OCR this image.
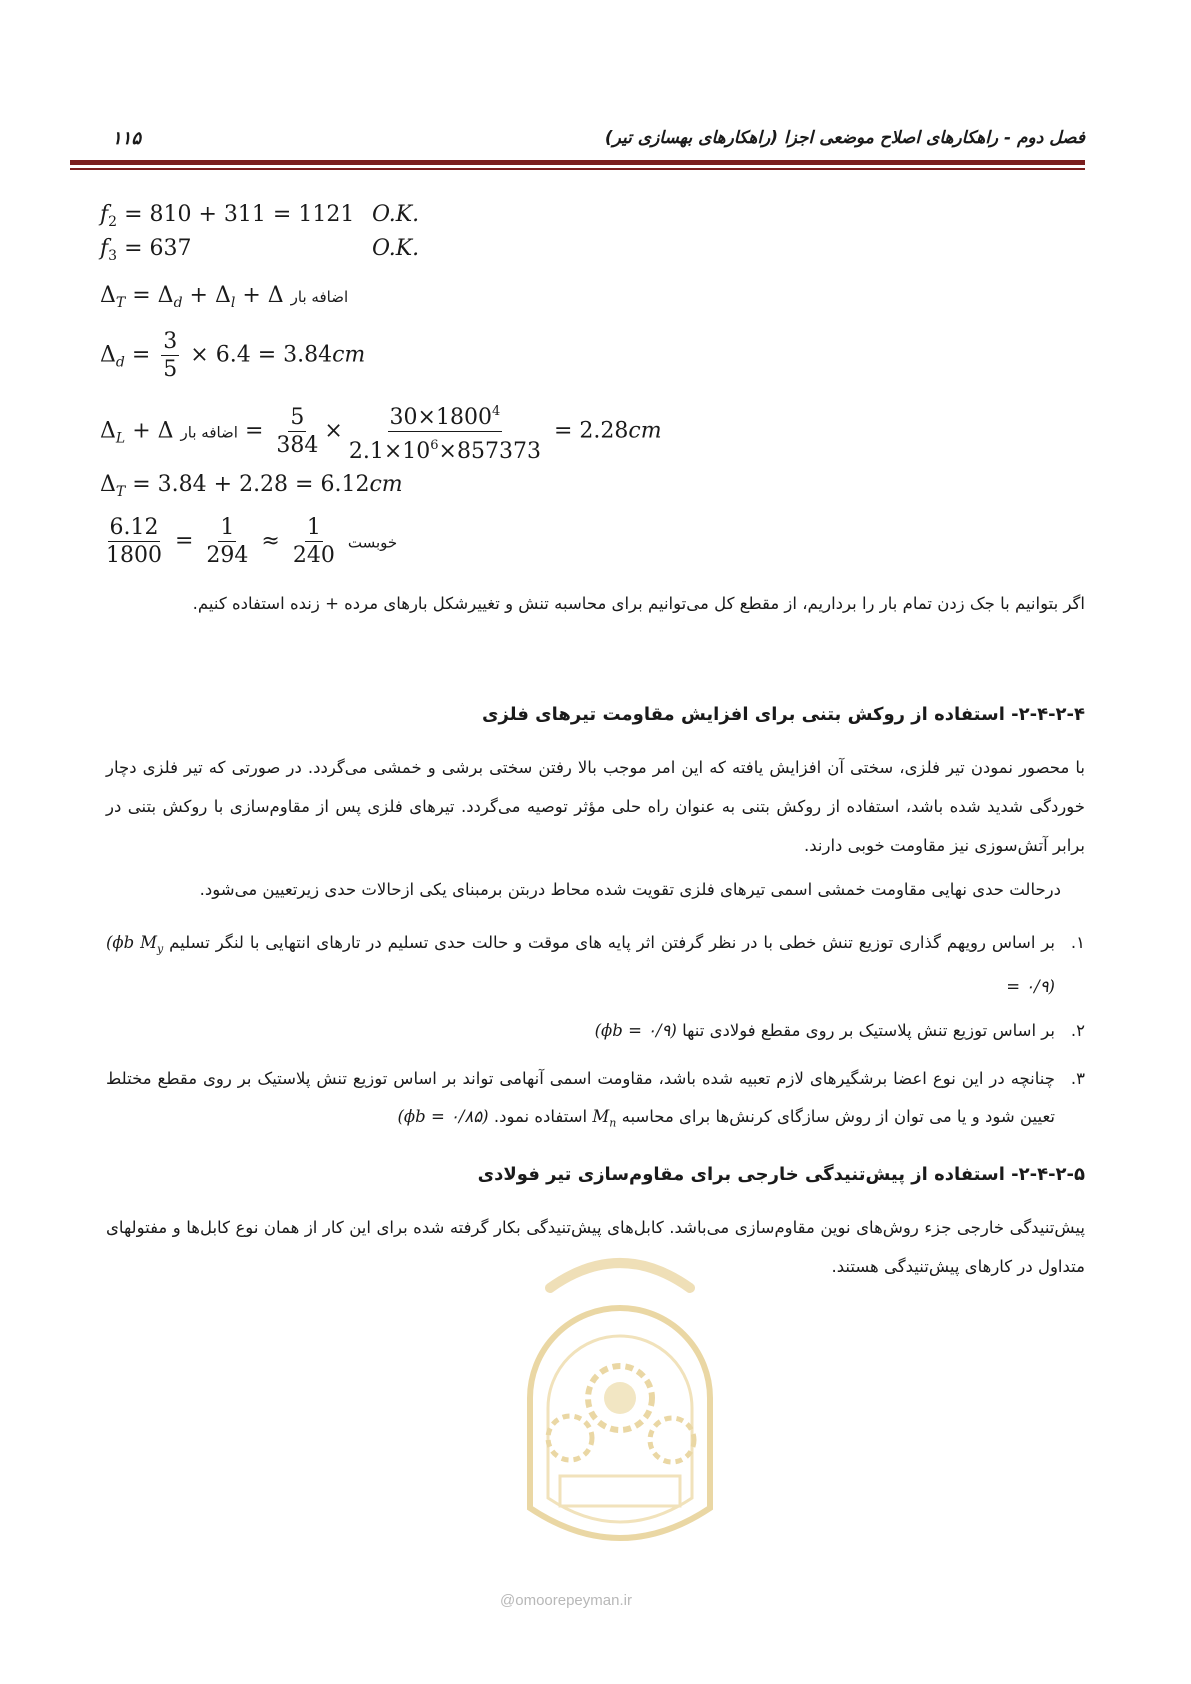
فصل دوم - راهکارهای اصلاح موضعی اجزا (راهکارهای بهسازی تیر)
۱۱۵
$f_2 = 810 + 311 = 1121$ O.K.
$f_3 = 637$	O.K.
$\Delta_T = \Delta_d + \Delta_l + \Delta$ اضافه بار
$\Delta_d = \frac{3}{5} \times 6.4 = 3.84cm$
$\Delta_L + \Delta$ اضافه بار = $\frac{5}{384} \times \frac{30\times 1800^4}{2.1\times 10^6\times 857373} = 2.28cm$
$\Delta_T = 3.84 + 2.28 = 6.12cm$
$\frac{6.12}{1800} = \frac{1}{294} \approx \frac{1}{240}$ خوبست
اگر بتوانیم با جک زدن تمام بار را برداریم، از مقطع کل می‌توانیم برای محاسبه تنش و تغییرشکل بارهای مرده + زنده استفاده کنیم.
۲-۴-۲-۴- استفاده از روکش بتنی برای افزایش مقاومت تیرهای فلزی
با محصور نمودن تیر فلزی، سختی آن افزایش یافته که این امر موجب بالا رفتن سختی برشی و خمشی می‌گردد. در صورتی که تیر فلزی دچار خوردگی شدید شده باشد، استفاده از روکش بتنی به عنوان راه حلی مؤثر توصیه می‌گردد. تیرهای فلزی پس از مقاوم‌سازی با روکش بتنی در برابر آتش‌سوزی نیز مقاومت خوبی دارند.
درحالت حدی نهایی مقاومت خمشی اسمی تیرهای فلزی تقویت شده محاط دربتن برمبنای یکی ازحالات حدی زیرتعیین می‌شود.
۱.
بر اساس رویهم گذاری توزیع تنش خطی با در نظر گرفتن اثر پایه های موقت و حالت حدی تسلیم در تارهای انتهایی با لنگر تسلیم $M_y$ (ϕb = ۰/۹)
۲.
بر اساس توزیع تنش پلاستیک بر روی مقطع فولادی تنها (ϕb = ۰/۹)
۳.
چنانچه در این نوع اعضا برشگیرهای لازم تعبیه شده باشد، مقاومت اسمی آنهامی تواند بر اساس توزیع تنش پلاستیک بر روی مقطع مختلط تعیین شود و یا می توان از روش سازگای کرنش‌ها برای محاسبه $M_n$ استفاده نمود. (ϕb = ۰/۸۵)
۲-۴-۲-۵- استفاده از پیش‌تنیدگی خارجی برای مقاوم‌سازی تیر فولادی
پیش‌تنیدگی خارجی جزء روش‌های نوین مقاوم‌سازی می‌باشد. کابل‌های پیش‌تنیدگی بکار گرفته شده برای این کار از همان نوع کابل‌ها و مفتولهای متداول در کارهای پیش‌تنیدگی هستند.
@omoorepeyman.ir
